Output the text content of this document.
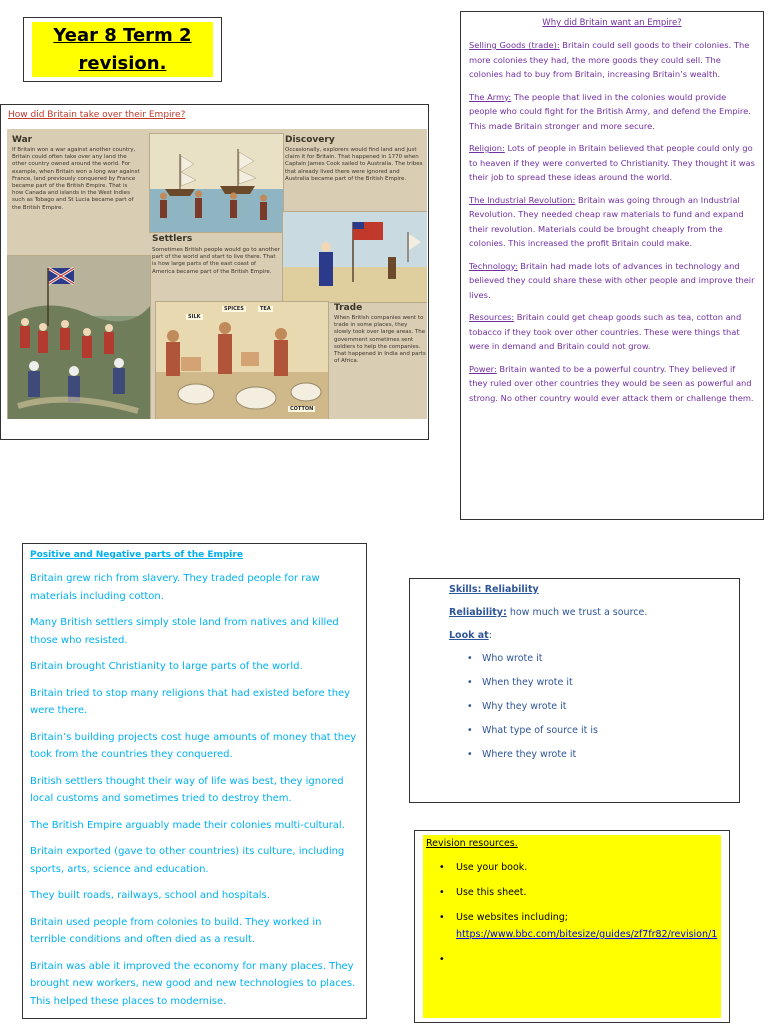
Year 8 Term 2
revision.
How did Britain take over their Empire?
War
If Britain won a war against another country, Britain could often take over any land the other country owned around the world. For example, when Britain won a long war against France, land previously conquered by France became part of the British Empire. That is how Canada and islands in the West Indies such as Tobago and St Lucia became part of the British Empire.
Discovery
Occasionally, explorers would find land and just claim it for Britain. That happened in 1770 when Captain James Cook sailed to Australia. The tribes that already lived there were ignored and Australia became part of the British Empire.
Settlers
Sometimes British people would go to another part of the world and start to live there. That is how large parts of the east coast of America became part of the British Empire.
SILK
SPICES	TEA
COTTON
Trade
When British companies went to trade in some places, they slowly took over large areas. The government sometimes sent soldiers to help the companies. That happened in India and parts of Africa.
Why did Britain want an Empire?

Selling Goods (trade): Britain could sell goods to their colonies. The more colonies they had, the more goods they could sell. The colonies had to buy from Britain, increasing Britain’s wealth.

The Army: The people that lived in the colonies would provide people who could fight for the British Army, and defend the Empire. This made Britain stronger and more secure.

Religion: Lots of people in Britain believed that people could only go to heaven if they were converted to Christianity. They thought it was their job to spread these ideas around the world.

The Industrial Revolution: Britain was going through an Industrial Revolution. They needed cheap raw materials to fund and expand their revolution. Materials could be brought cheaply from the colonies. This increased the profit Britain could make.

Technology: Britain had made lots of advances in technology and believed they could share these with other people and improve their lives.

Resources: Britain could get cheap goods such as tea, cotton and tobacco if they took over other countries. These were things that were in demand and Britain could not grow.

Power: Britain wanted to be a powerful country. They believed if they ruled over other countries they would be seen as powerful and strong. No other country would ever attack them or challenge them.

Positive and Negative parts of the Empire

Britain grew rich from slavery. They traded people for raw materials including cotton.

Many British settlers simply stole land from natives and killed those who resisted.

Britain brought Christianity to large parts of the world.

Britain tried to stop many religions that had existed before they were there.

Britain’s building projects cost huge amounts of money that they took from the countries they conquered.

British settlers thought their way of life was best, they ignored local customs and sometimes tried to destroy them.

The British Empire arguably made their colonies multi-cultural.

Britain exported (gave to other countries) its culture, including sports, arts, science and education.

They built roads, railways, school and hospitals.

Britain used people from colonies to build. They worked in terrible conditions and often died as a result.

Britain was able it improved the economy for many places. They brought new workers, new good and new technologies to places. This helped these places to modernise.

Skills: Reliability
Reliability: how much we trust a source.
Look at:
• Who wrote it
• When they wrote it
• Why they wrote it
• What type of source it is
• Where they wrote it
Revision resources.
• Use your book.
• Use this sheet.
• Use websites including;
https://www.bbc.com/bitesize/guides/zf7fr82/revision/1
